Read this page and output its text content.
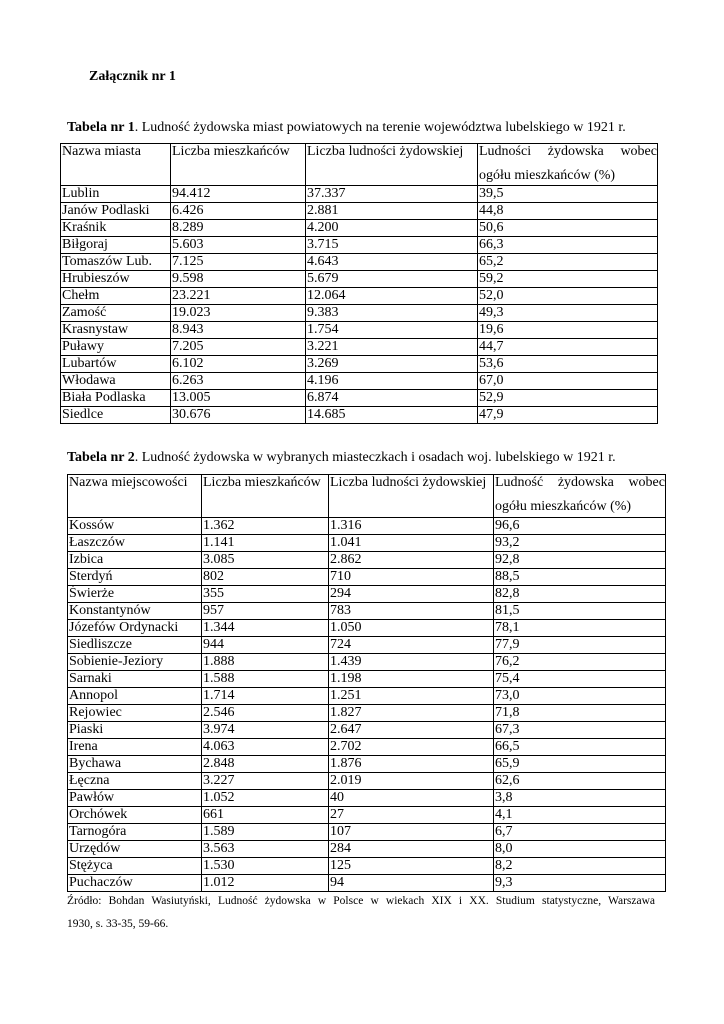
Załącznik nr 1
Tabela nr 1. Ludność żydowska miast powiatowych na terenie województwa lubelskiego w 1921 r.
Nazwa miasta	Liczba mieszkańców	Liczba ludności żydowskiej	Ludności żydowska wobec
ogółu mieszkańców (%)

Lublin	94.412	37.337	39,5
Janów Podlaski	6.426	2.881	44,8
Kraśnik	8.289	4.200	50,6
Biłgoraj	5.603	3.715	66,3
Tomaszów Lub.	7.125	4.643	65,2
Hrubieszów	9.598	5.679	59,2
Chełm	23.221	12.064	52,0
Zamość	19.023	9.383	49,3
Krasnystaw	8.943	1.754	19,6
Puławy	7.205	3.221	44,7
Lubartów	6.102	3.269	53,6
Włodawa	6.263	4.196	67,0
Biała Podlaska	13.005	6.874	52,9
Siedlce	30.676	14.685	47,9
Tabela nr 2. Ludność żydowska w wybranych miasteczkach i osadach woj. lubelskiego w 1921 r.
Nazwa miejscowości	Liczba mieszkańców	Liczba ludności żydowskiej	Ludność żydowska wobec
ogółu mieszkańców (%)

Kossów	1.362	1.316	96,6
Łaszczów	1.141	1.041	93,2
Izbica	3.085	2.862	92,8
Sterdyń	802	710	88,5
Świerże	355	294	82,8
Konstantynów	957	783	81,5
Józefów Ordynacki	1.344	1.050	78,1
Siedliszcze	944	724	77,9
Sobienie-Jeziory	1.888	1.439	76,2
Sarnaki	1.588	1.198	75,4
Annopol	1.714	1.251	73,0
Rejowiec	2.546	1.827	71,8
Piaski	3.974	2.647	67,3
Irena	4.063	2.702	66,5
Bychawa	2.848	1.876	65,9
Łęczna	3.227	2.019	62,6
Pawłów	1.052	40	3,8
Orchówek	661	27	4,1
Tarnogóra	1.589	107	6,7
Urzędów	3.563	284	8,0
Stężyca	1.530	125	8,2
Puchaczów	1.012	94	9,3
Źródło: Bohdan Wasiutyński, Ludność żydowska w Polsce w wiekach XIX i XX. Studium statystyczne, Warszawa
1930, s. 33-35, 59-66.
